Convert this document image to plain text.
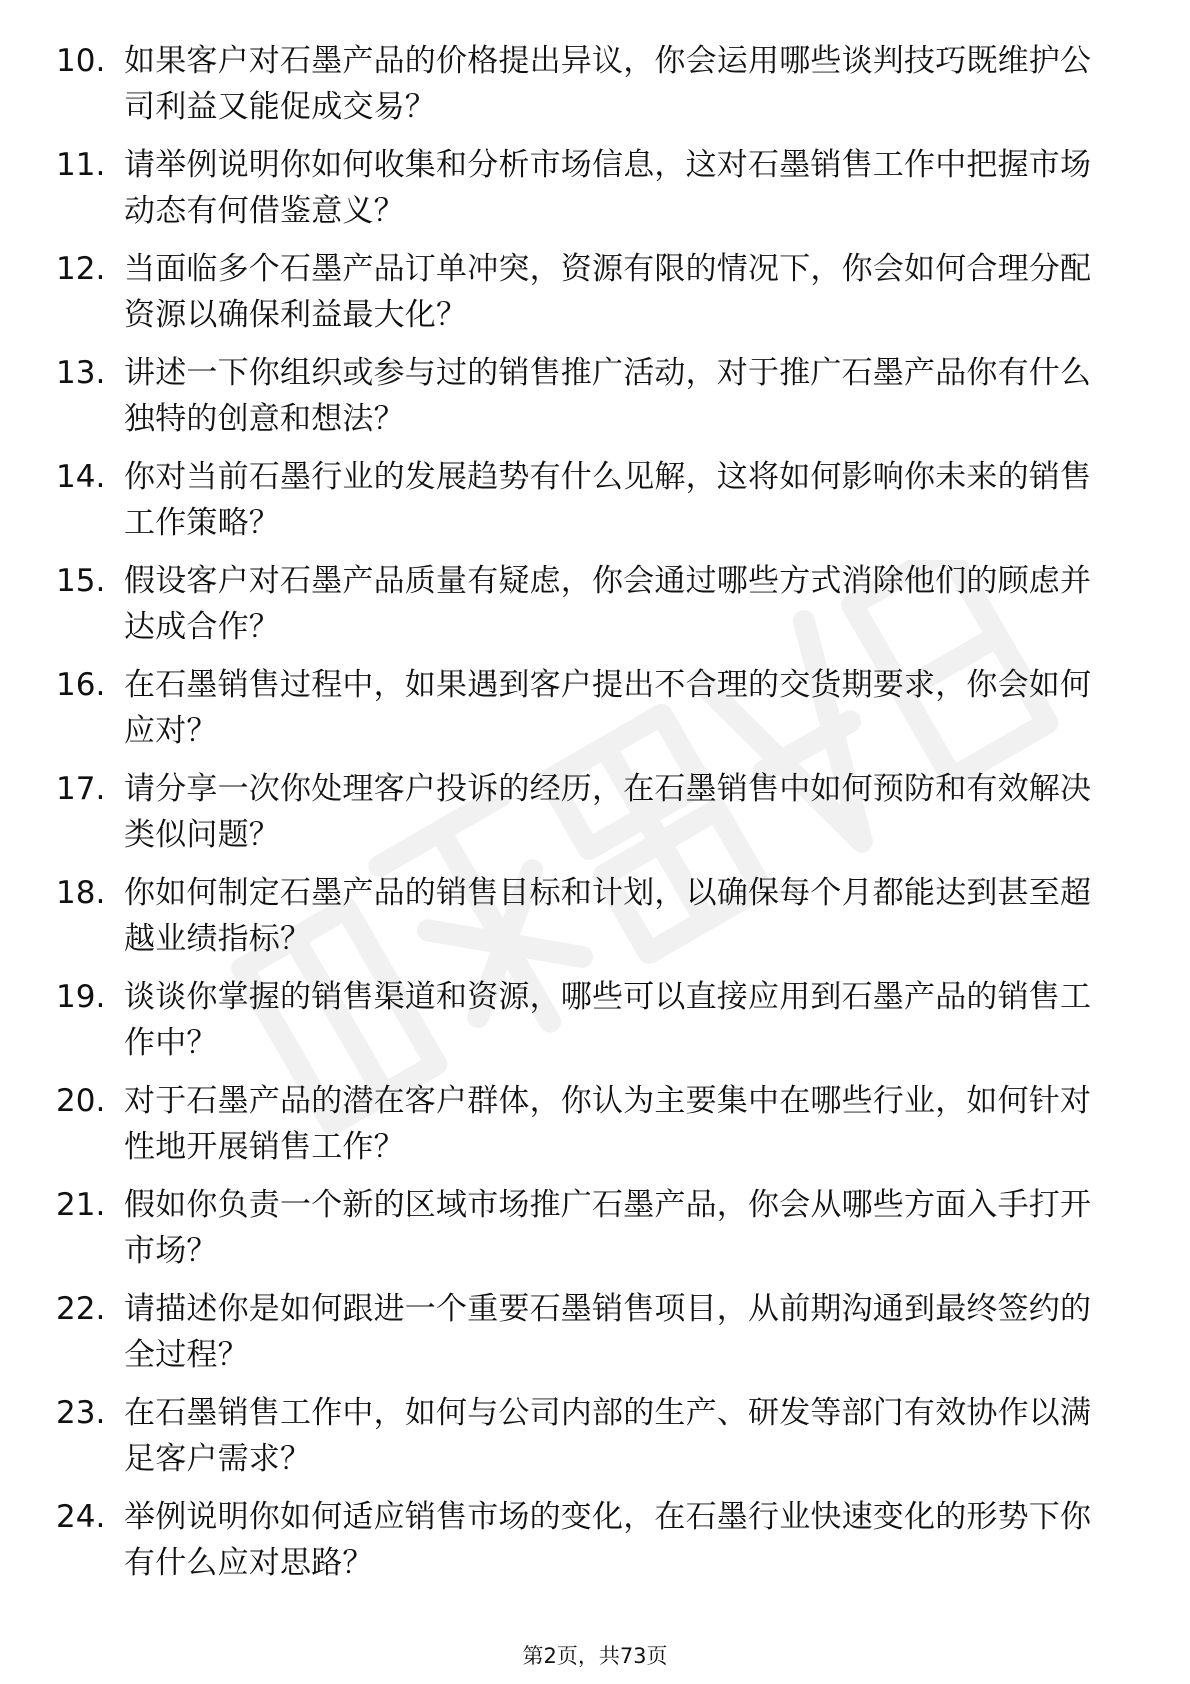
10. 如果客户对石墨产品的价格提出异议，你会运用哪些谈判技巧既维护公司利益又能促成交易？
11. 请举例说明你如何收集和分析市场信息，这对石墨销售工作中把握市场动态有何借鉴意义？
12. 当面临多个石墨产品订单冲突，资源有限的情况下，你会如何合理分配资源以确保利益最大化？
13. 讲述一下你组织或参与过的销售推广活动，对于推广石墨产品你有什么独特的创意和想法？
14. 你对当前石墨行业的发展趋势有什么见解，这将如何影响你未来的销售工作策略？
15. 假设客户对石墨产品质量有疑虑，你会通过哪些方式消除他们的顾虑并达成合作？
16. 在石墨销售过程中，如果遇到客户提出不合理的交货期要求，你会如何应对？
17. 请分享一次你处理客户投诉的经历，在石墨销售中如何预防和有效解决类似问题？
18. 你如何制定石墨产品的销售目标和计划，以确保每个月都能达到甚至超越业绩指标？
19. 谈谈你掌握的销售渠道和资源，哪些可以直接应用到石墨产品的销售工作中？
20. 对于石墨产品的潜在客户群体，你认为主要集中在哪些行业，如何针对性地开展销售工作？
21. 假如你负责一个新的区域市场推广石墨产品，你会从哪些方面入手打开市场？
22. 请描述你是如何跟进一个重要石墨销售项目，从前期沟通到最终签约的全过程？
23. 在石墨销售工作中，如何与公司内部的生产、研发等部门有效协作以满足客户需求？
24. 举例说明你如何适应销售市场的变化，在石墨行业快速变化的形势下你有什么应对思路？
第2页，共73页
